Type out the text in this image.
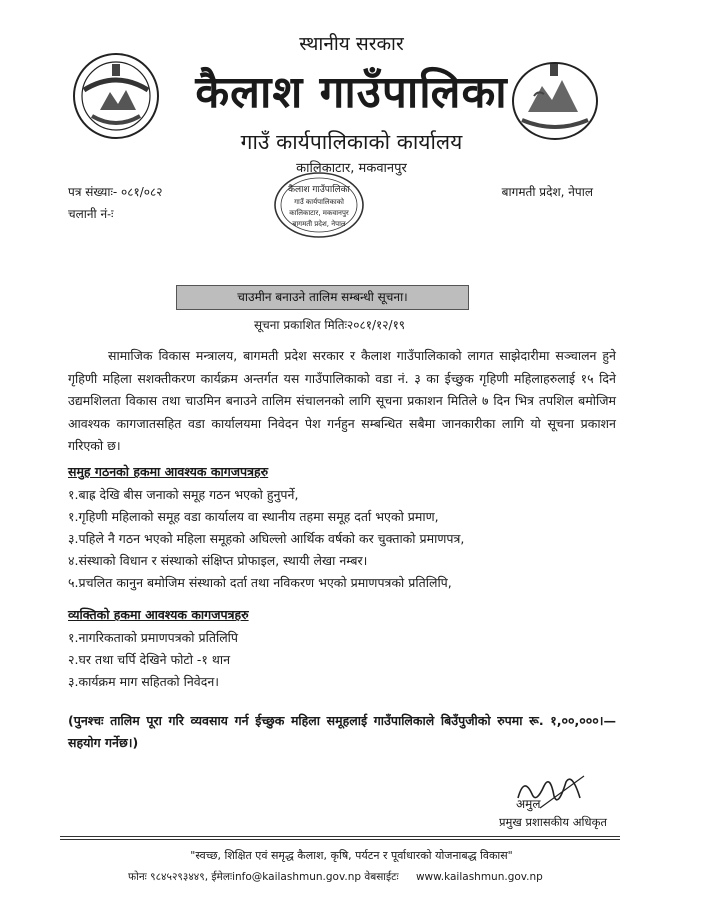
स्थानीय सरकार
कैलाश गाउँपालिका
गाउँ कार्यपालिकाको कार्यालय
कालिकाटार, मकवानपुर
कैलाश गाउँपालिका
गाउँ कार्यपालिकाको
कालिकाटार, मकवानपुर
बागमती प्रदेश, नेपाल
पत्र संख्याः- ०८१/०८२
चलानी नं-ः
बागमती प्रदेश, नेपाल
चाउमीन बनाउने तालिम सम्बन्धी सूचना।
सूचना प्रकाशित मितिः२०८१/१२/१९

सामाजिक विकास मन्त्रालय, बागमती प्रदेश सरकार र कैलाश गाउँपालिकाको लागत साझेदारीमा सञ्चालन हुने गृहिणी महिला सशक्तीकरण कार्यक्रम अन्तर्गत यस गाउँपालिकाको वडा नं. ३ का ईच्छुक गृहिणी महिलाहरुलाई १५ दिने उद्यमशिलता विकास तथा चाउमिन बनाउने तालिम संचालनको लागि सूचना प्रकाशन मितिले ७ दिन भित्र तपशिल बमोजिम आवश्यक कागजातसहित वडा कार्यालयमा निवेदन पेश गर्नहुन सम्बन्धित सबैमा जानकारीका लागि यो सूचना प्रकाशन गरिएको छ।

समुह गठनको हकमा आवश्यक कागजपत्रहरु
१.बाह्र देखि बीस जनाको समूह गठन भएको हुनुपर्ने,
१.गृहिणी महिलाको समूह वडा कार्यालय वा स्थानीय तहमा समूह दर्ता भएको प्रमाण,
३.पहिले नै गठन भएको महिला समूहको अघिल्लो आर्थिक वर्षको कर चुक्ताको प्रमाणपत्र,
४.संस्थाको विधान र संस्थाको संक्षिप्त प्रोफाइल, स्थायी लेखा नम्बर।
५.प्रचलित कानुन बमोजिम संस्थाको दर्ता तथा नविकरण भएको प्रमाणपत्रको प्रतिलिपि,
व्यक्तिको हकमा आवश्यक कागजपत्रहरु
१.नागरिकताको प्रमाणपत्रको प्रतिलिपि
२.घर तथा चर्पि देखिने फोटो -१ थान
३.कार्यक्रम माग सहितको निवेदन।

(पुनश्चः तालिम पूरा गरि व्यवसाय गर्न ईच्छुक महिला समूहलाई गाउँपालिकाले बिउँपुजीको रुपमा रू. १,००,०००।— सहयोग गर्नेछ।)

अमुल
प्रमुख प्रशासकीय अधिकृत
"स्वच्छ, शिक्षित एवं समृद्ध कैलाश, कृषि, पर्यटन र पूर्वाधारको योजनाबद्ध विकास"
फोनः ९८४५२९३४४९, ईमेलःinfo@kailashmun.gov.np वेबसाईटः www.kailashmun.gov.np
